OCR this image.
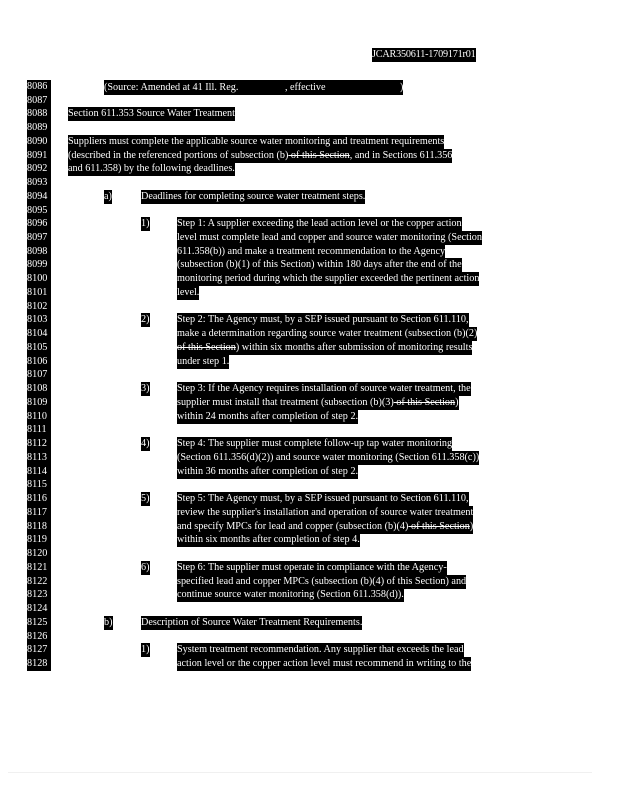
JCAR350611-1709171r01
8086
8087
8088
8089
8090
8091
8092
8093
8094
8095
8096
8097
8098
8099
8100
8101
8102
8103
8104
8105
8106
8107
8108
8109
8110
8111
8112
8113
8114
8115
8116
8117
8118
8119
8120
8121
8122
8123
8124
8125
8126
8127
8128
(Source: Amended at 41 Ill. Reg.	, effective	)
Section 611.353 Source Water Treatment
Suppliers must complete the applicable source water monitoring and treatment requirements
(described in the referenced portions of subsection (b) of this Section, and in Sections 611.356
and 611.358) by the following deadlines.
a)	Deadlines for completing source water treatment steps.
1)	Step 1: A supplier exceeding the lead action level or the copper action
level must complete lead and copper and source water monitoring (Section
611.358(b)) and make a treatment recommendation to the Agency
(subsection (b)(1) of this Section) within 180 days after the end of the
monitoring period during which the supplier exceeded the pertinent action
level.
2)	Step 2: The Agency must, by a SEP issued pursuant to Section 611.110,
make a determination regarding source water treatment (subsection (b)(2)
of this Section) within six months after submission of monitoring results
under step 1.
3)	Step 3: If the Agency requires installation of source water treatment, the
supplier must install that treatment (subsection (b)(3) of this Section)
within 24 months after completion of step 2.
4)	Step 4: The supplier must complete follow-up tap water monitoring
(Section 611.356(d)(2)) and source water monitoring (Section 611.358(c))
within 36 months after completion of step 2.
5)	Step 5: The Agency must, by a SEP issued pursuant to Section 611.110,
review the supplier's installation and operation of source water treatment
and specify MPCs for lead and copper (subsection (b)(4) of this Section)
within six months after completion of step 4.
6)	Step 6: The supplier must operate in compliance with the Agency-
specified lead and copper MPCs (subsection (b)(4) of this Section) and
continue source water monitoring (Section 611.358(d)).
b)	Description of Source Water Treatment Requirements.
1)	System treatment recommendation. Any supplier that exceeds the lead
action level or the copper action level must recommend in writing to the
